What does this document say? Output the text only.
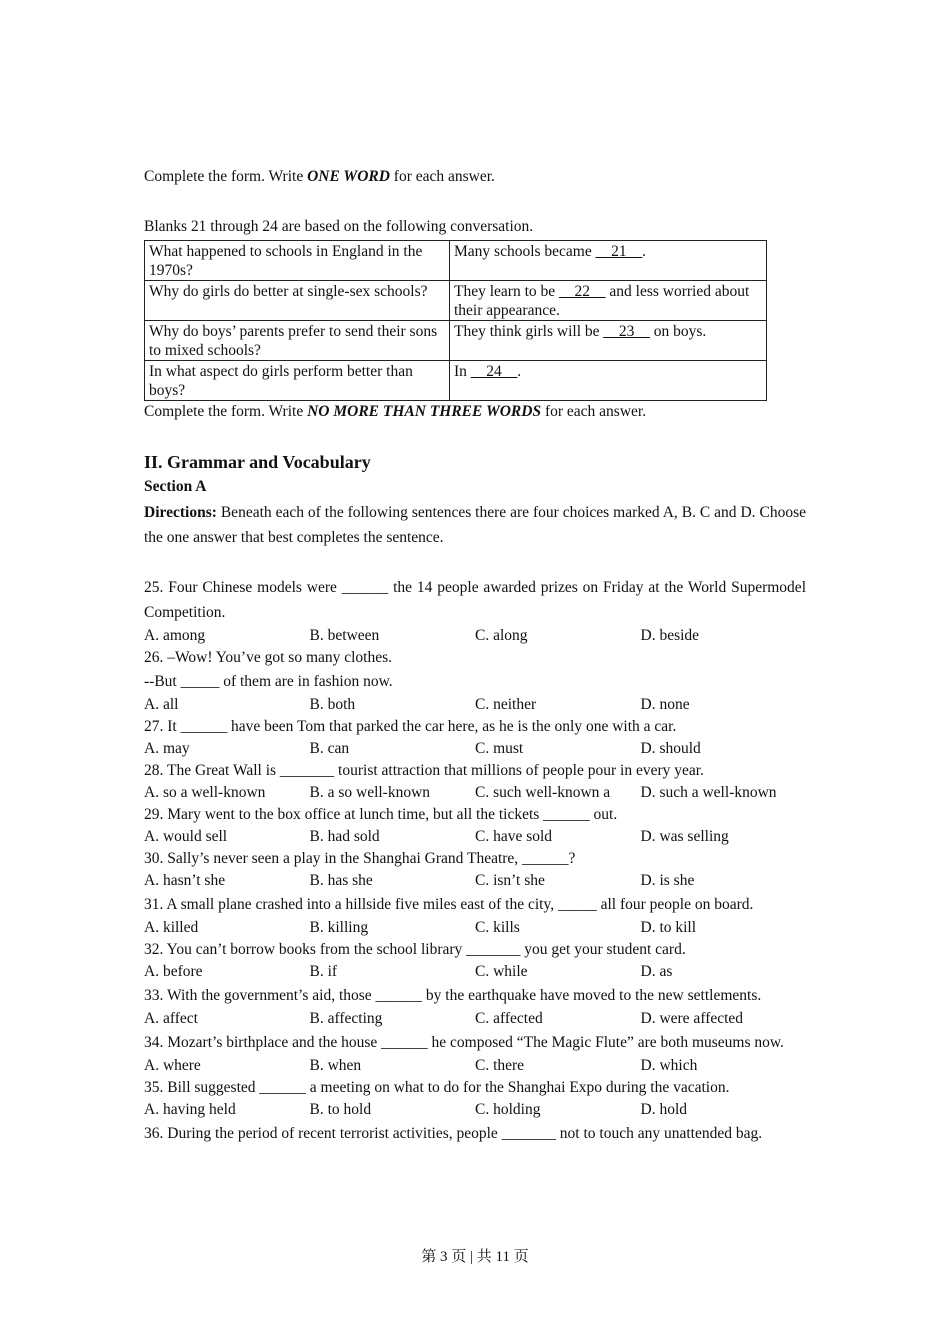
Complete the form. Write ONE WORD for each answer.
Blanks 21 through 24 are based on the following conversation.
What happened to schools in England in the 1970s?	Many schools became __21__.
Why do girls do better at single-sex schools?	They learn to be __22__ and less worried about their appearance.
Why do boys’ parents prefer to send their sons to mixed schools?	They think girls will be __23__ on boys.
In what aspect do girls perform better than boys?	In __24__.
Complete the form. Write NO MORE THAN THREE WORDS for each answer.
II. Grammar and Vocabulary
Section A
Directions: Beneath each of the following sentences there are four choices marked A, B. C and D. Choose the one answer that best completes the sentence.
25. Four Chinese models were ______ the 14 people awarded prizes on Friday at the World Supermodel Competition.
A. among	B. between	C. along	D. beside
26. –Wow! You’ve got so many clothes.
--But _____ of them are in fashion now.
A. all	B. both	C. neither	D. none
27. It ______ have been Tom that parked the car here, as he is the only one with a car.
A. may	B. can	C. must	D. should
28. The Great Wall is _______ tourist attraction that millions of people pour in every year.
A. so a well-known	B. a so well-known	C. such well-known a	D. such a well-known
29. Mary went to the box office at lunch time, but all the tickets ______ out.
A. would sell	B. had sold	C. have sold	D. was selling
30. Sally’s never seen a play in the Shanghai Grand Theatre, ______?
A. hasn’t she	B. has she	C. isn’t she	D. is she
31. A small plane crashed into a hillside five miles east of the city, _____ all four people on board.
A. killed	B. killing	C. kills	D. to kill
32. You can’t borrow books from the school library _______ you get your student card.
A. before	B. if	C. while	D. as
33. With the government’s aid, those ______ by the earthquake have moved to the new settlements.
A. affect	B. affecting	C. affected	D. were affected
34. Mozart’s birthplace and the house ______ he composed “The Magic Flute” are both museums now.
A. where	B. when	C. there	D. which
35. Bill suggested ______ a meeting on what to do for the Shanghai Expo during the vacation.
A. having held	B. to hold	C. holding	D. hold
36. During the period of recent terrorist activities, people _______ not to touch any unattended bag.
第 3 页 | 共 11 页
